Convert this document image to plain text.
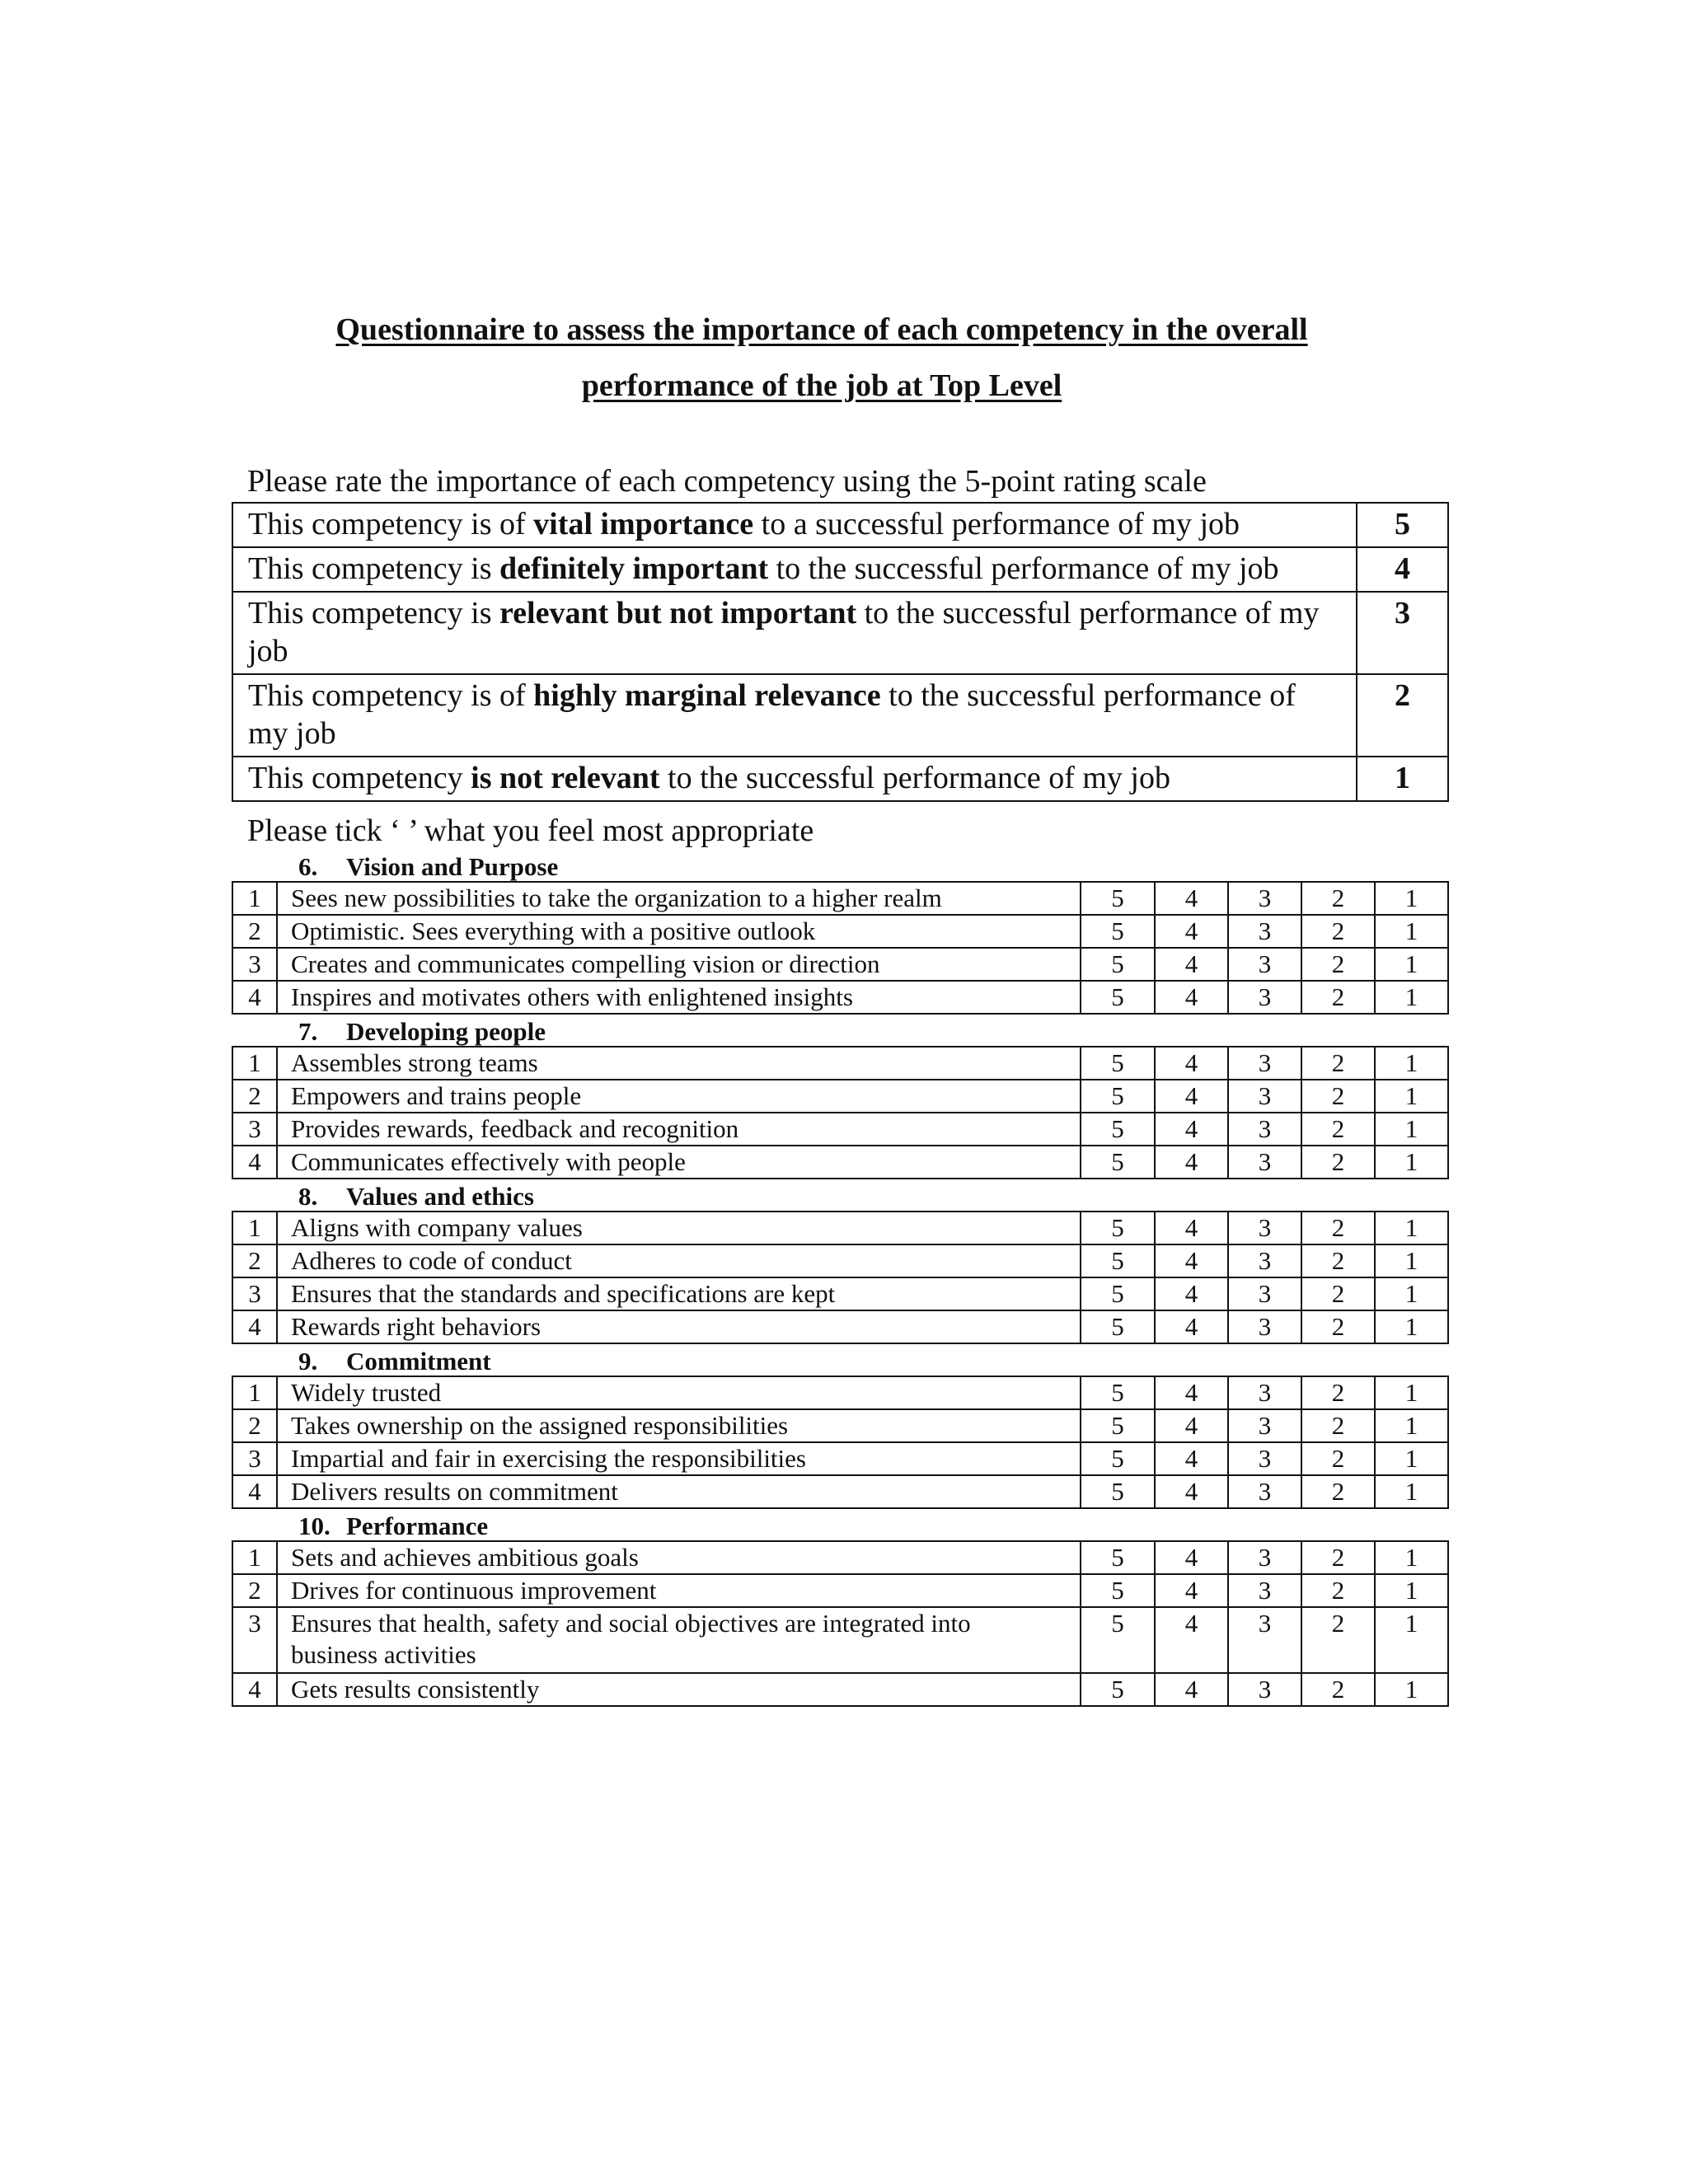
Questionnaire to assess the importance of each competency in the overall
performance of the job at Top Level
Please rate the importance of each competency using the 5-point rating scale
This competency is of vital importance to a successful performance of my job	5
This competency is definitely important to the successful performance of my job	4
This competency is relevant but not important to the successful performance of my job	3
This competency is of highly marginal relevance to the successful performance of my job	2
This competency is not relevant to the successful performance of my job	1
Please tick ‘ ’ what you feel most appropriate
6. Vision and Purpose
1	Sees new possibilities to take the organization to a higher realm	5	4	3	2	1
2	Optimistic. Sees everything with a positive outlook	5	4	3	2	1
3	Creates and communicates compelling vision or direction	5	4	3	2	1
4	Inspires and motivates others with enlightened insights	5	4	3	2	1
7. Developing people
1	Assembles strong teams	5	4	3	2	1
2	Empowers and trains people	5	4	3	2	1
3	Provides rewards, feedback and recognition	5	4	3	2	1
4	Communicates effectively with people	5	4	3	2	1
8. Values and ethics
1	Aligns with company values	5	4	3	2	1
2	Adheres to code of conduct	5	4	3	2	1
3	Ensures that the standards and specifications are kept	5	4	3	2	1
4	Rewards right behaviors	5	4	3	2	1
9. Commitment
1	Widely trusted	5	4	3	2	1
2	Takes ownership on the assigned responsibilities	5	4	3	2	1
3	Impartial and fair in exercising the responsibilities	5	4	3	2	1
4	Delivers results on commitment	5	4	3	2	1
10. Performance
1	Sets and achieves ambitious goals	5	4	3	2	1
2	Drives for continuous improvement	5	4	3	2	1
3	Ensures that health, safety and social objectives are integrated into business activities	5	4	3	2	1
4	Gets results consistently	5	4	3	2	1
